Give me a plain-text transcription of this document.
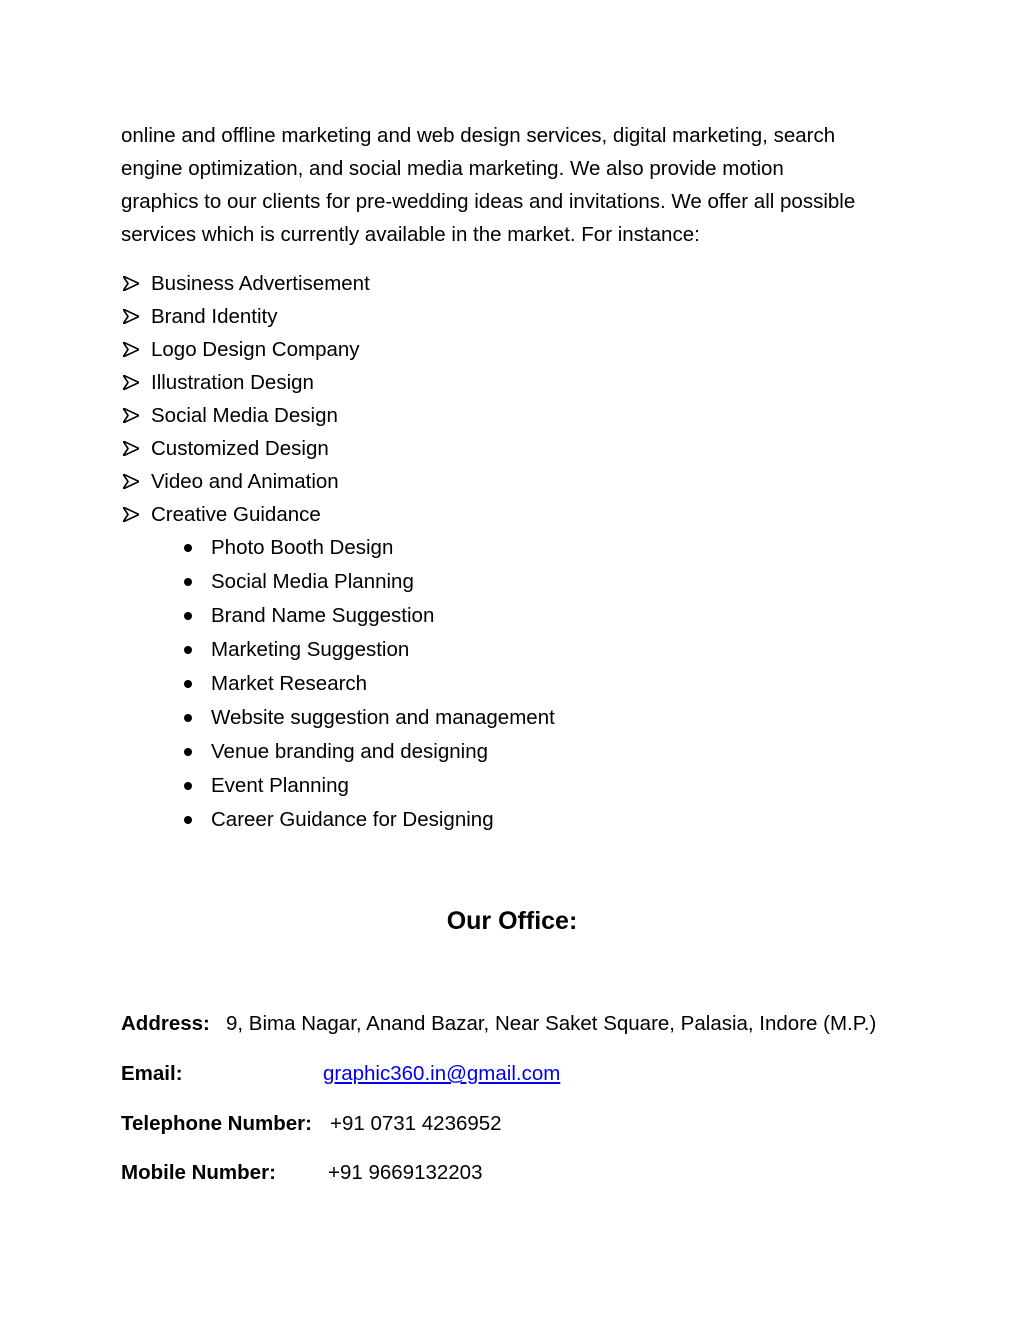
online and offline marketing and web design services, digital marketing, search
engine optimization, and social media marketing. We also provide motion
graphics to our clients for pre-wedding ideas and invitations. We offer all possible
services which is currently available in the market. For instance:

Business Advertisement
Brand Identity
Logo Design Company
Illustration Design
Social Media Design
Customized Design
Video and Animation
Creative Guidance
Photo Booth Design
Social Media Planning
Brand Name Suggestion
Marketing Suggestion
Market Research
Website suggestion and management
Venue branding and designing
Event Planning
Career Guidance for Designing
Our Office:
Address: 9, Bima Nagar, Anand Bazar, Near Saket Square, Palasia, Indore (M.P.)
Email:	graphic360.in@gmail.com
Telephone Number: +91 0731 4236952
Mobile Number:	+91 9669132203
